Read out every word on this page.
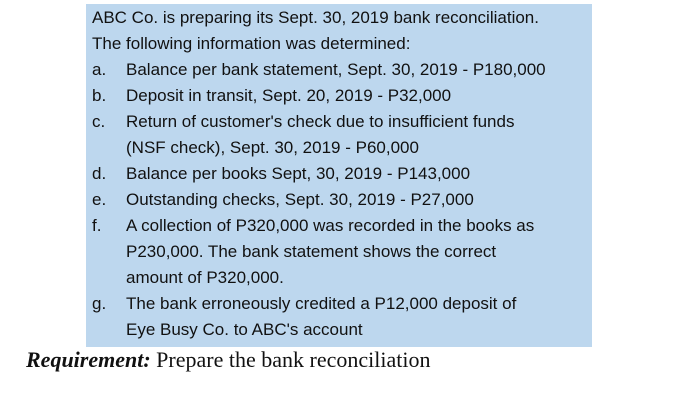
ABC Co. is preparing its Sept. 30, 2019 bank reconciliation.
The following information was determined:
a.	Balance per bank statement, Sept. 30, 2019 - P180,000
b.	Deposit in transit, Sept. 20, 2019 - P32,000
c.	Return of customer's check due to insufficient funds
(NSF check), Sept. 30, 2019 - P60,000
d.	Balance per books Sept, 30, 2019 - P143,000
e.	Outstanding checks, Sept. 30, 2019 - P27,000
f.	A collection of P320,000 was recorded in the books as
P230,000. The bank statement shows the correct
amount of P320,000.
g.	The bank erroneously credited a P12,000 deposit of
Eye Busy Co. to ABC's account
Requirement: Prepare the bank reconciliation
